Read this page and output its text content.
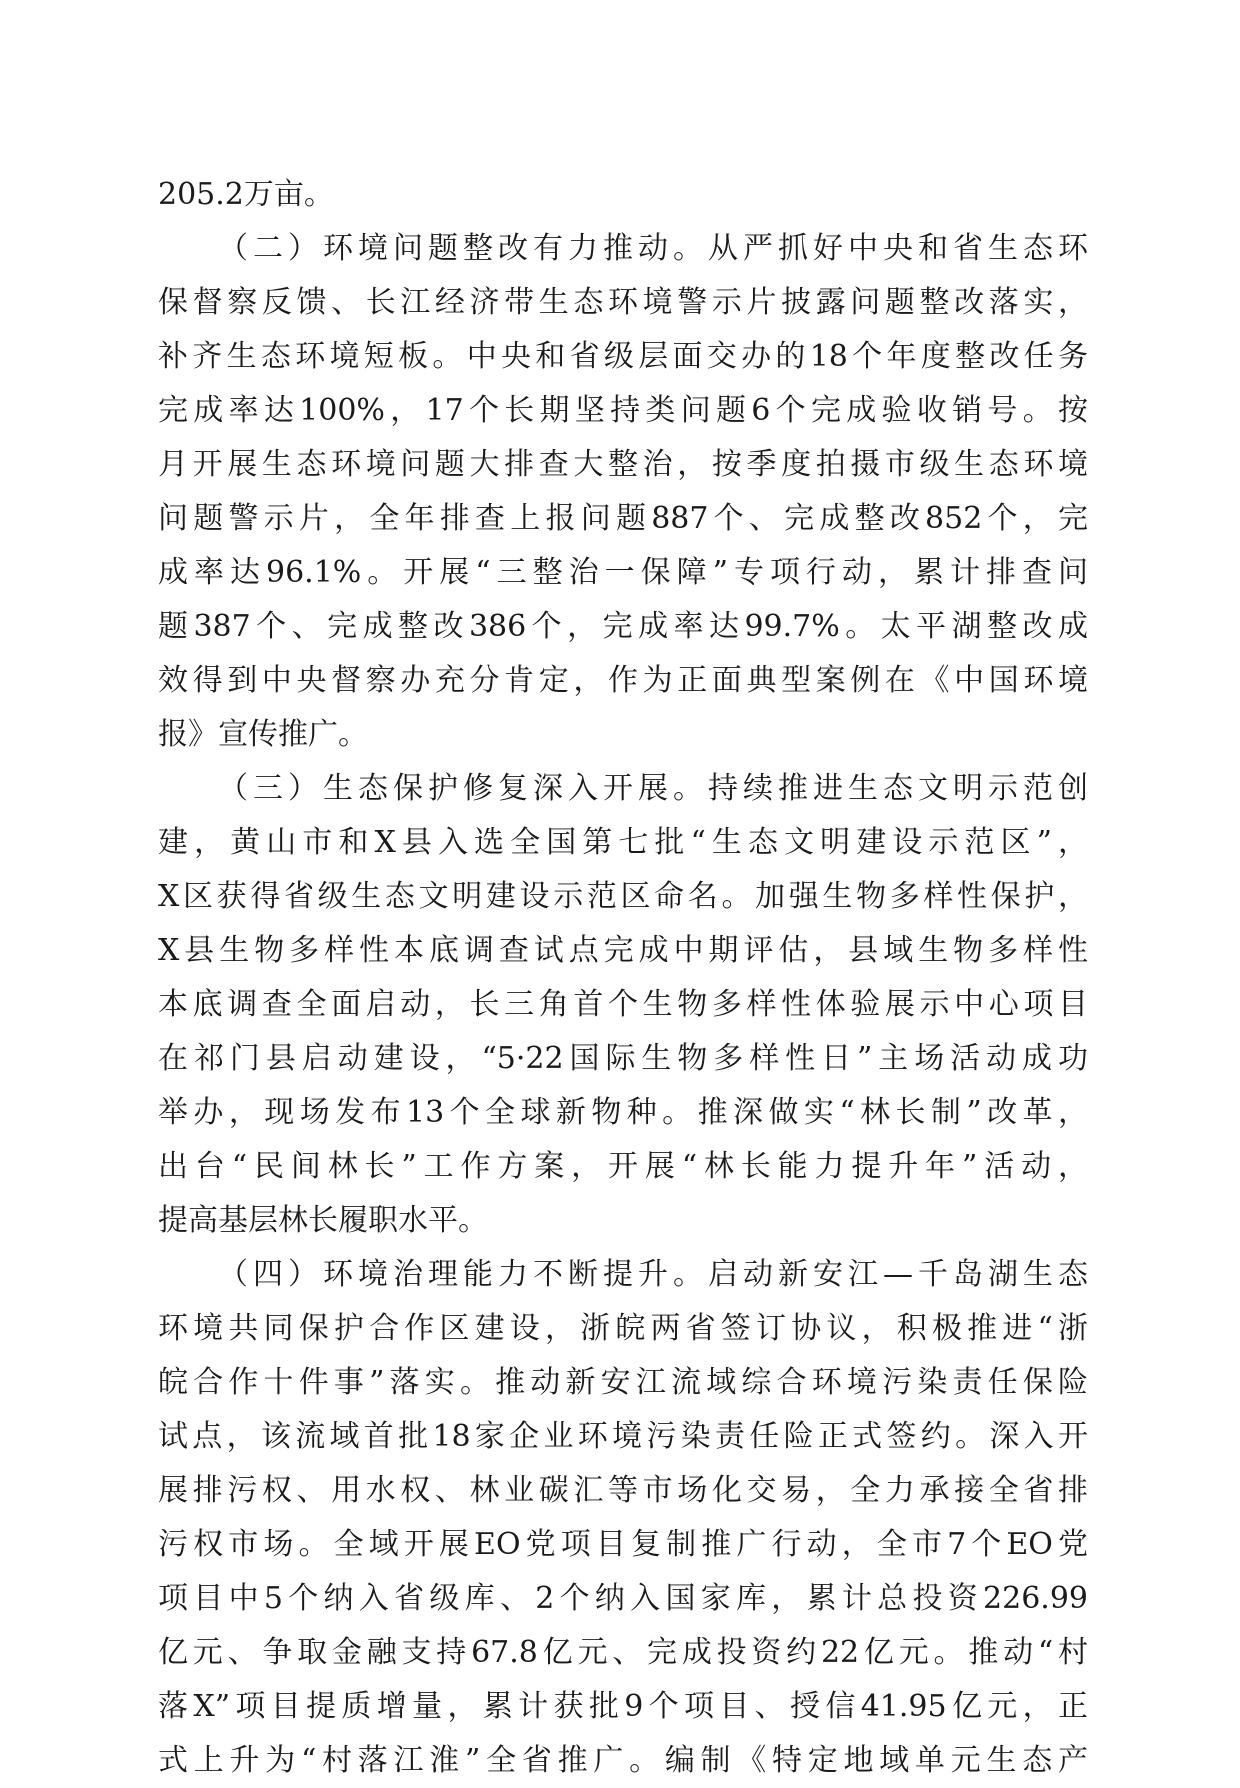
205.2万亩。
（二）环境问题整改有力推动。从严抓好中央和省生态环
保督察反馈、长江经济带生态环境警示片披露问题整改落实，
补齐生态环境短板。中央和省级层面交办的18个年度整改任务
完成率达100%，17个长期坚持类问题6个完成验收销号。按
月开展生态环境问题大排查大整治，按季度拍摄市级生态环境
问题警示片，全年排查上报问题887个、完成整改852个，完
成率达96.1%。开展“三整治一保障”专项行动，累计排查问
题387个、完成整改386个，完成率达99.7%。太平湖整改成
效得到中央督察办充分肯定，作为正面典型案例在《中国环境
报》宣传推广。
（三）生态保护修复深入开展。持续推进生态文明示范创
建，黄山市和X县入选全国第七批“生态文明建设示范区”，
X区获得省级生态文明建设示范区命名。加强生物多样性保护，
X县生物多样性本底调查试点完成中期评估，县域生物多样性
本底调查全面启动，长三角首个生物多样性体验展示中心项目
在祁门县启动建设，“5·22国际生物多样性日”主场活动成功
举办，现场发布13个全球新物种。推深做实“林长制”改革，
出台“民间林长”工作方案，开展“林长能力提升年”活动，
提高基层林长履职水平。
（四）环境治理能力不断提升。启动新安江—千岛湖生态
环境共同保护合作区建设，浙皖两省签订协议，积极推进“浙
皖合作十件事”落实。推动新安江流域综合环境污染责任保险
试点，该流域首批18家企业环境污染责任险正式签约。深入开
展排污权、用水权、林业碳汇等市场化交易，全力承接全省排
污权市场。全域开展EO党项目复制推广行动，全市7个EO党
项目中5个纳入省级库、2个纳入国家库，累计总投资226.99
亿元、争取金融支持67.8亿元、完成投资约22亿元。推动“村
落X”项目提质增量，累计获批9个项目、授信41.95亿元，正
式上升为“村落江淮”全省推广。编制《特定地域单元生态产
